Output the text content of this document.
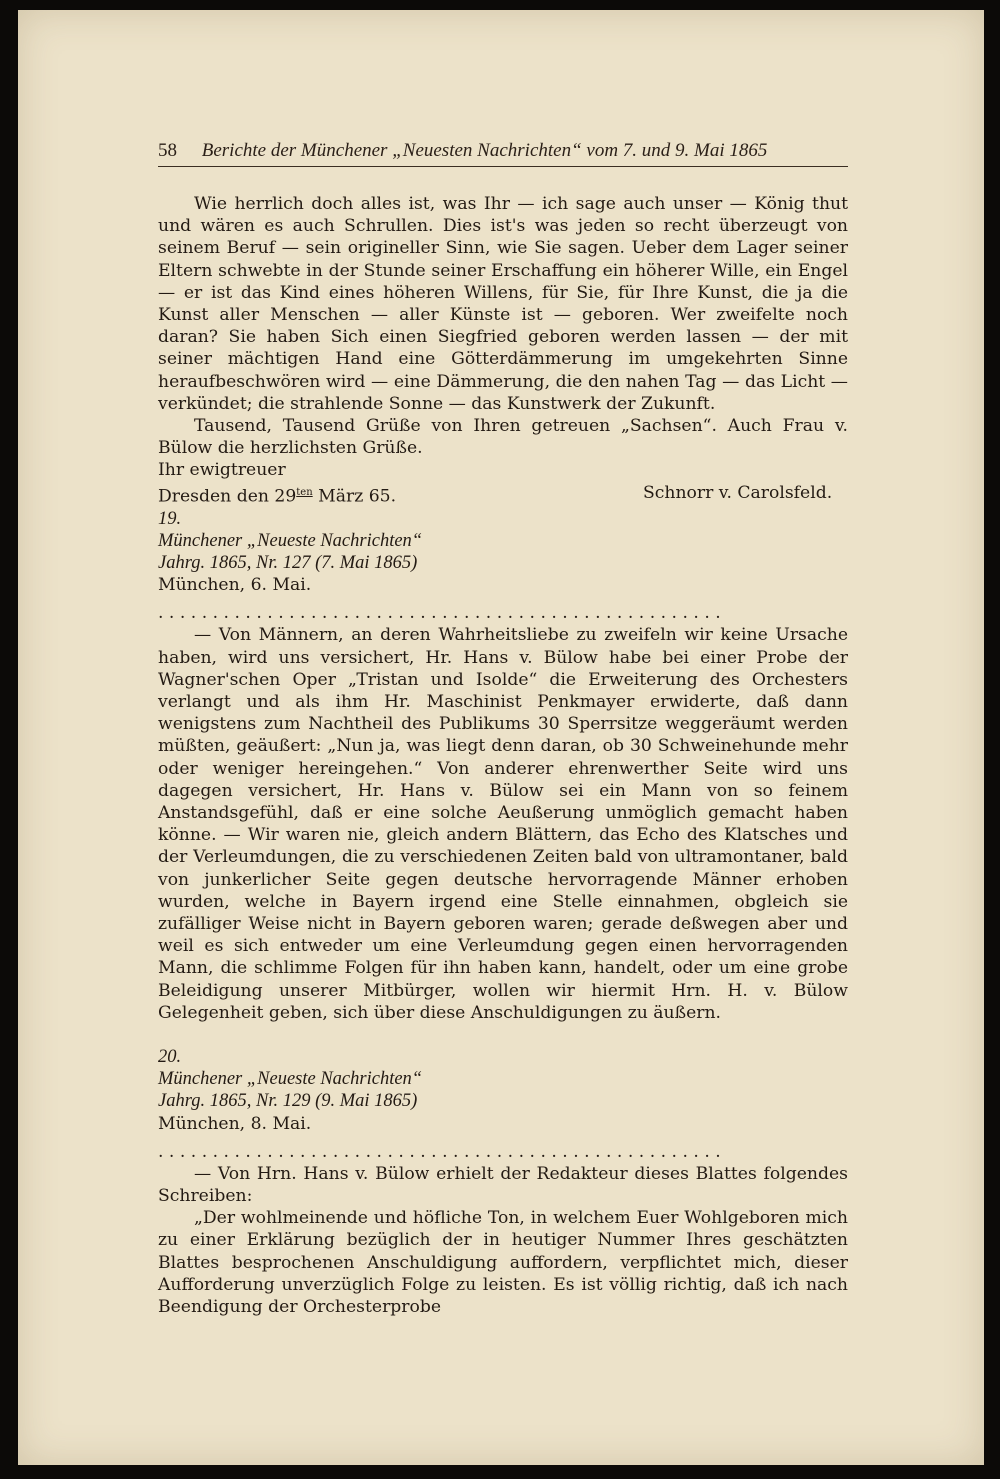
58 Berichte der Münchener „Neuesten Nachrichten“ vom 7. und 9. Mai 1865

Wie herrlich doch alles ist, was Ihr — ich sage auch unser — König thut und wären es auch Schrullen. Dies ist's was jeden so recht überzeugt von seinem Beruf — sein origineller Sinn, wie Sie sagen. Ueber dem Lager seiner Eltern schwebte in der Stunde seiner Erschaffung ein höherer Wille, ein Engel — er ist das Kind eines höheren Willens, für Sie, für Ihre Kunst, die ja die Kunst aller Menschen — aller Künste ist — geboren. Wer zweifelte noch daran? Sie haben Sich einen Siegfried geboren werden lassen — der mit seiner mächtigen Hand eine Götterdämmerung im umgekehrten Sinne heraufbeschwören wird — eine Dämmerung, die den nahen Tag — das Licht — verkündet; die strahlende Sonne — das Kunstwerk der Zukunft.

Tausend, Tausend Grüße von Ihren getreuen „Sachsen“. Auch Frau v. Bülow die herzlichsten Grüße.

Ihr ewigtreuer

Dresden den $29^{ten}$ März 65.	Schnorr v. Carolsfeld.

19.

Münchener „Neueste Nachrichten“

Jahrg. 1865, Nr. 127 (7. Mai 1865)

München, 6. Mai.

. . . . . . . . . . . . . . . . . . . . . . . . . . . . . . . . . . . . . . . . . . . . . . . . . . . .

— Von Männern, an deren Wahrheitsliebe zu zweifeln wir keine Ursache haben, wird uns versichert, Hr. Hans v. Bülow habe bei einer Probe der Wagner'schen Oper „Tristan und Isolde“ die Erweiterung des Orchesters verlangt und als ihm Hr. Maschinist Penkmayer erwiderte, daß dann wenigstens zum Nachtheil des Publikums 30 Sperrsitze weggeräumt werden müßten, geäußert: „Nun ja, was liegt denn daran, ob 30 Schweinehunde mehr oder weniger hereingehen.“ Von anderer ehrenwerther Seite wird uns dagegen versichert, Hr. Hans v. Bülow sei ein Mann von so feinem Anstandsgefühl, daß er eine solche Aeußerung unmöglich gemacht haben könne. — Wir waren nie, gleich andern Blättern, das Echo des Klatsches und der Verleumdungen, die zu verschiedenen Zeiten bald von ultramontaner, bald von junkerlicher Seite gegen deutsche hervorragende Männer erhoben wurden, welche in Bayern irgend eine Stelle einnahmen, obgleich sie zufälliger Weise nicht in Bayern geboren waren; gerade deßwegen aber und weil es sich entweder um eine Verleumdung gegen einen hervorragenden Mann, die schlimme Folgen für ihn haben kann, handelt, oder um eine grobe Beleidigung unserer Mitbürger, wollen wir hiermit Hrn. H. v. Bülow Gelegenheit geben, sich über diese Anschuldigungen zu äußern.

20.

Münchener „Neueste Nachrichten“

Jahrg. 1865, Nr. 129 (9. Mai 1865)

München, 8. Mai.

. . . . . . . . . . . . . . . . . . . . . . . . . . . . . . . . . . . . . . . . . . . . . . . . . . . .

— Von Hrn. Hans v. Bülow erhielt der Redakteur dieses Blattes folgendes Schreiben:

„Der wohlmeinende und höfliche Ton, in welchem Euer Wohlgeboren mich zu einer Erklärung bezüglich der in heutiger Nummer Ihres geschätzten Blattes besprochenen Anschuldigung auffordern, verpflichtet mich, dieser Aufforderung unverzüglich Folge zu leisten. Es ist völlig richtig, daß ich nach Beendigung der Orchesterprobe
